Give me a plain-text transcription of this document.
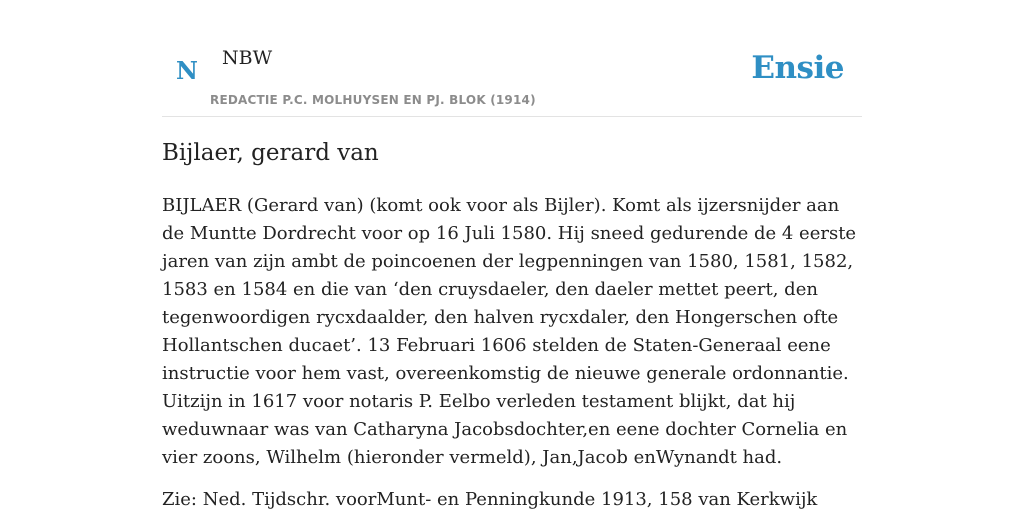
N NBW
REDACTIE P.C. MOLHUYSEN EN PJ. BLOK (1914)
Ensie
Bijlaer, gerard van

BIJLAER (Gerard van) (komt ook voor als Bijler). Komt als ijzersnijder aan de Muntte Dordrecht voor op 16 Juli 1580. Hij sneed gedurende de 4 eerste jaren van zijn ambt de poincoenen der legpenningen van 1580, 1581, 1582, 1583 en 1584 en die van ‘den cruysdaeler, den daeler mettet peert, den tegenwoordigen rycxdaalder, den halven rycxdaler, den Hongerschen ofte Hollantschen ducaet’. 13 Februari 1606 stelden de Staten-Generaal eene instructie voor hem vast, overeenkomstig de nieuwe generale ordonnantie. Uitzijn in 1617 voor notaris P. Eelbo verleden testament blijkt, dat hij weduwnaar was van Catharyna Jacobsdochter,en eene dochter Cornelia en vier zoons, Wilhelm (hieronder vermeld), Jan,Jacob enWynandt had.

Zie: Ned. Tijdschr. voorMunt- en Penningkunde 1913, 158 van Kerkwijk
